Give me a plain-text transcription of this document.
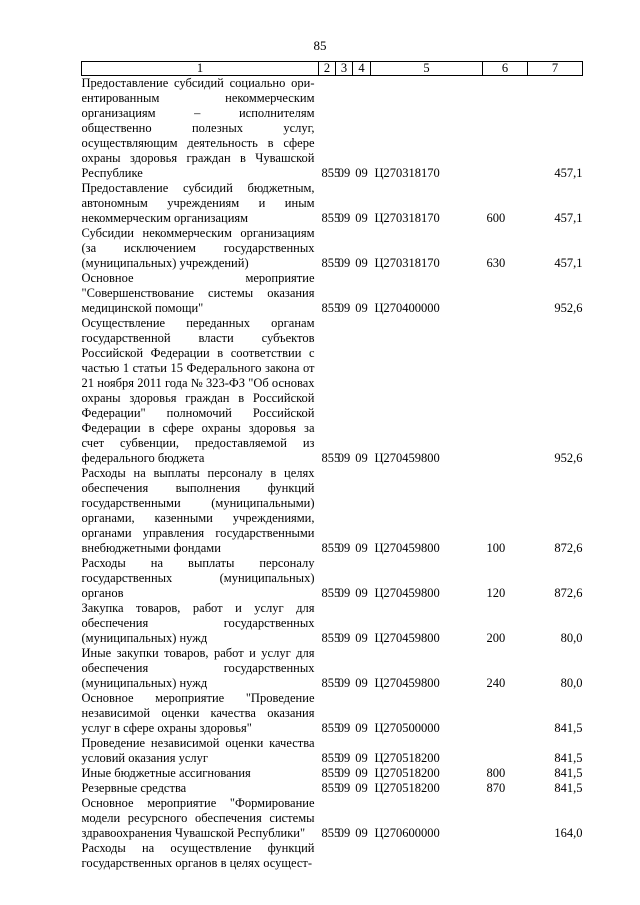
85
1	2	3	4	5	6	7
Предоставление субсидий социально ори-ентированным некоммерческим организациям – исполнителям общественно полезных услуг, осуществляющим деятельность в сфере охраны здоровья граждан в Чувашской Республике	855	09	09	Ц270318170		457,1
Предоставление субсидий бюджетным, автономным учреждениям и иным некоммерческим организациям	855	09	09	Ц270318170	600	457,1
Субсидии некоммерческим организациям (за исключением государственных (муниципальных) учреждений)	855	09	09	Ц270318170	630	457,1
Основное мероприятие "Совершенствование системы оказания медицинской помощи"	855	09	09	Ц270400000		952,6
Осуществление переданных органам государственной власти субъектов Российской Федерации в соответствии с частью 1 статьи 15 Федерального закона от 21 ноября 2011 года № 323-ФЗ "Об основах охраны здоровья граждан в Российской Федерации" полномочий Российской Федерации в сфере охраны здоровья за счет субвенции, предоставляемой из федерального бюджета	855	09	09	Ц270459800		952,6
Расходы на выплаты персоналу в целях обеспечения выполнения функций государственными (муниципальными) органами, казенными учреждениями, органами управления государственными внебюджетными фондами	855	09	09	Ц270459800	100	872,6
Расходы на выплаты персоналу государственных (муниципальных) органов	855	09	09	Ц270459800	120	872,6
Закупка товаров, работ и услуг для обеспечения государственных (муниципальных) нужд	855	09	09	Ц270459800	200	80,0
Иные закупки товаров, работ и услуг для обеспечения государственных (муниципальных) нужд	855	09	09	Ц270459800	240	80,0
Основное мероприятие "Проведение независимой оценки качества оказания услуг в сфере охраны здоровья"	855	09	09	Ц270500000		841,5
Проведение независимой оценки качества условий оказания услуг	855	09	09	Ц270518200		841,5
Иные бюджетные ассигнования	855	09	09	Ц270518200	800	841,5
Резервные средства	855	09	09	Ц270518200	870	841,5
Основное мероприятие "Формирование модели ресурсного обеспечения системы здравоохранения Чувашской Республики"	855	09	09	Ц270600000		164,0
Расходы на осуществление функций государственных органов в целях осущест-						
